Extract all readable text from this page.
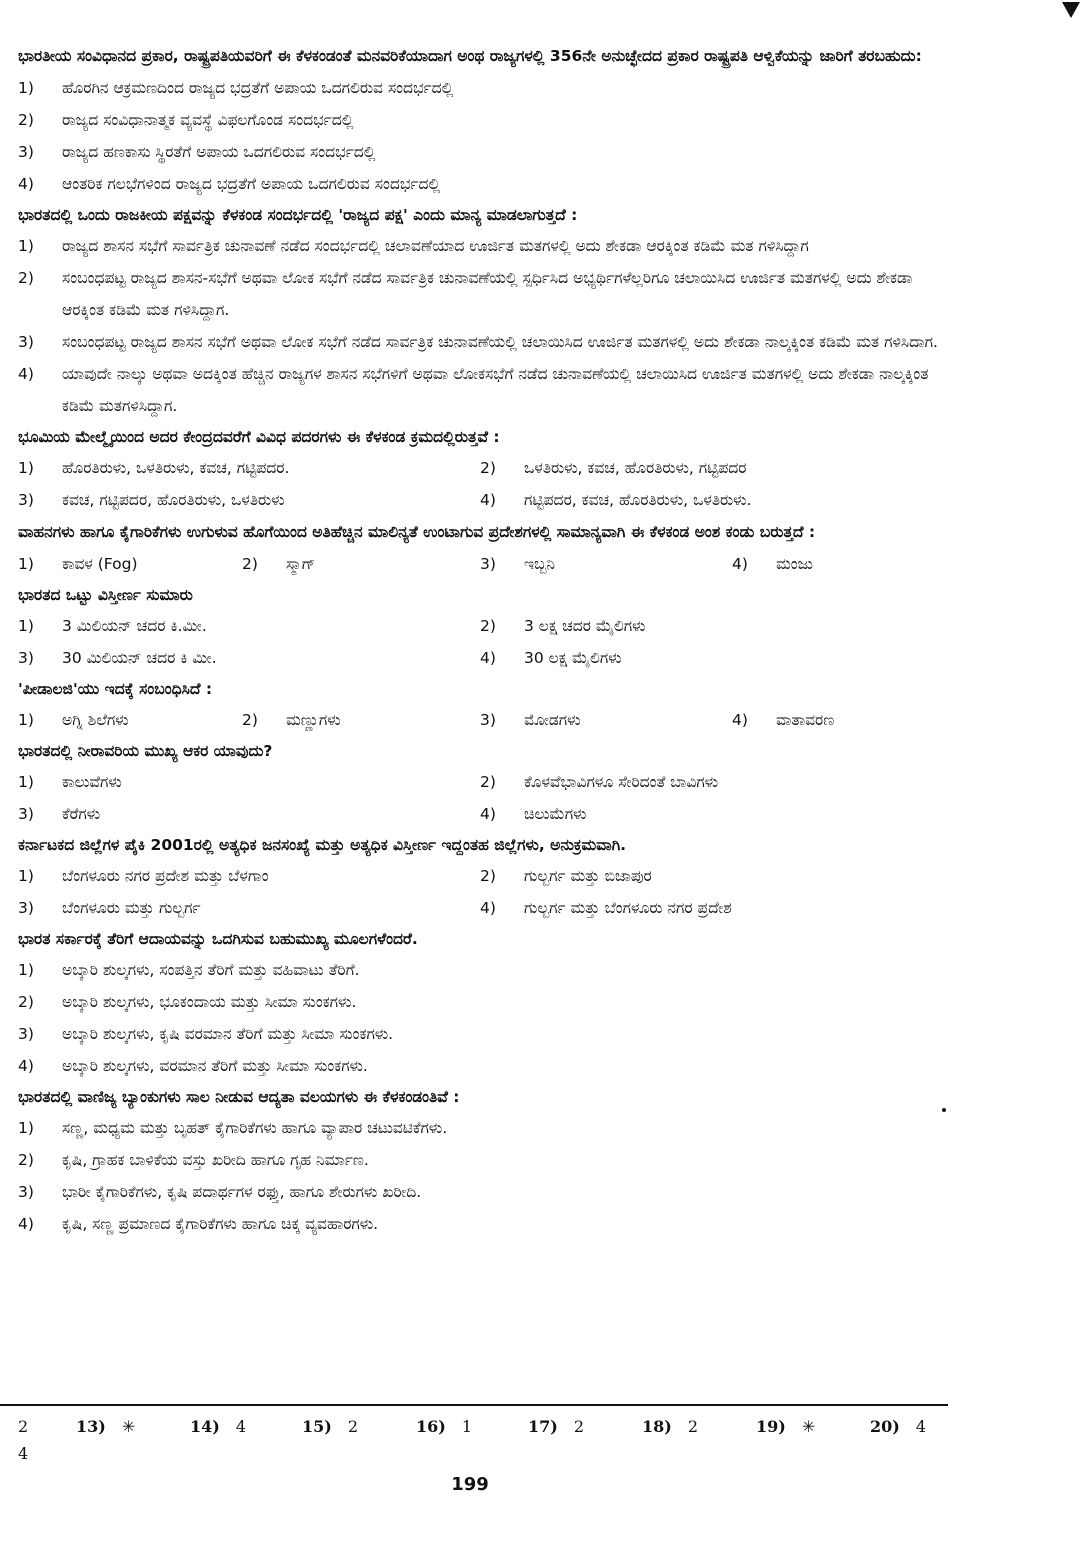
ಭಾರತೀಯ ಸಂವಿಧಾನದ ಪ್ರಕಾರ, ರಾಷ್ಟ್ರಪತಿಯವರಿಗೆ ಈ ಕೆಳಕಂಡಂತೆ ಮನವರಿಕೆಯಾದಾಗ ಅಂಥ ರಾಜ್ಯಗಳಲ್ಲಿ 356ನೇ ಅನುಚ್ಛೇದದ ಪ್ರಕಾರ ರಾಷ್ಟ್ರಪತಿ ಆಳ್ವಿಕೆಯನ್ನು ಜಾರಿಗೆ ತರಬಹುದು:
1)	ಹೊರಗಿನ ಆಕ್ರಮಣದಿಂದ ರಾಜ್ಯದ ಭದ್ರತೆಗೆ ಅಪಾಯ ಒದಗಲಿರುವ ಸಂದರ್ಭದಲ್ಲಿ
2)	ರಾಜ್ಯದ ಸಂವಿಧಾನಾತ್ಮಕ ವ್ಯವಸ್ಥೆ ವಿಫಲಗೊಂಡ ಸಂದರ್ಭದಲ್ಲಿ
3)	ರಾಜ್ಯದ ಹಣಕಾಸು ಸ್ಥಿರತೆಗೆ ಅಪಾಯ ಒದಗಲಿರುವ ಸಂದರ್ಭದಲ್ಲಿ
4)	ಆಂತರಿಕ ಗಲಭೆಗಳಿಂದ ರಾಜ್ಯದ ಭದ್ರತೆಗೆ ಅಪಾಯ ಒದಗಲಿರುವ ಸಂದರ್ಭದಲ್ಲಿ
ಭಾರತದಲ್ಲಿ ಒಂದು ರಾಜಕೀಯ ಪಕ್ಷವನ್ನು ಕೆಳಕಂಡ ಸಂದರ್ಭದಲ್ಲಿ 'ರಾಜ್ಯದ ಪಕ್ಷ' ಎಂದು ಮಾನ್ಯ ಮಾಡಲಾಗುತ್ತದೆ :
1)	ರಾಜ್ಯದ ಶಾಸನ ಸಭೆಗೆ ಸಾರ್ವತ್ರಿಕ ಚುನಾವಣೆ ನಡೆದ ಸಂದರ್ಭದಲ್ಲಿ ಚಲಾವಣೆಯಾದ ಊರ್ಜಿತ ಮತಗಳಲ್ಲಿ ಅದು ಶೇಕಡಾ ಆರಕ್ಕಿಂತ ಕಡಿಮೆ ಮತ ಗಳಿಸಿದ್ದಾಗ
2)	ಸಂಬಂಧಪಟ್ಟ ರಾಜ್ಯದ ಶಾಸನ-ಸಭೆಗೆ ಅಥವಾ ಲೋಕ ಸಭೆಗೆ ನಡೆದ ಸಾರ್ವತ್ರಿಕ ಚುನಾವಣೆಯಲ್ಲಿ ಸ್ಪರ್ಧಿಸಿದ ಅಭ್ಯರ್ಥಿಗಳೆಲ್ಲರಿಗೂ ಚಲಾಯಿಸಿದ ಊರ್ಜಿತ ಮತಗಳಲ್ಲಿ ಅದು ಶೇಕಡಾ ಆರಕ್ಕಿಂತ ಕಡಿಮೆ ಮತ ಗಳಿಸಿದ್ದಾಗ.
3)	ಸಂಬಂಧಪಟ್ಟ ರಾಜ್ಯದ ಶಾಸನ ಸಭೆಗೆ ಅಥವಾ ಲೋಕ ಸಭೆಗೆ ನಡೆದ ಸಾರ್ವತ್ರಿಕ ಚುನಾವಣೆಯಲ್ಲಿ ಚಲಾಯಿಸಿದ ಊರ್ಜಿತ ಮತಗಳಲ್ಲಿ ಅದು ಶೇಕಡಾ ನಾಲ್ಕಕ್ಕಿಂತ ಕಡಿಮೆ ಮತ ಗಳಿಸಿದಾಗ.
4)	ಯಾವುದೇ ನಾಲ್ಕು ಅಥವಾ ಅದಕ್ಕಿಂತ ಹೆಚ್ಚಿನ ರಾಜ್ಯಗಳ ಶಾಸನ ಸಭೆಗಳಿಗೆ ಅಥವಾ ಲೋಕಸಭೆಗೆ ನಡೆದ ಚುನಾವಣೆಯಲ್ಲಿ ಚಲಾಯಿಸಿದ ಊರ್ಜಿತ ಮತಗಳಲ್ಲಿ ಅದು ಶೇಕಡಾ ನಾಲ್ಕಕ್ಕಿಂತ ಕಡಿಮೆ ಮತಗಳಿಸಿದ್ದಾಗ.
ಭೂಮಿಯ ಮೇಲ್ಮೈಯಿಂದ ಅದರ ಕೇಂದ್ರದವರೆಗೆ ವಿವಿಧ ಪದರಗಳು ಈ ಕೆಳಕಂಡ ಕ್ರಮದಲ್ಲಿರುತ್ತವೆ :
1)	ಹೊರತಿರುಳು, ಒಳತಿರುಳು, ಕವಚ, ಗಟ್ಟಿಪದರ.	2)	ಒಳತಿರುಳು, ಕವಚ, ಹೊರತಿರುಳು, ಗಟ್ಟಿಪದರ
3)	ಕವಚ, ಗಟ್ಟಿಪದರ, ಹೊರತಿರುಳು, ಒಳತಿರುಳು	4)	ಗಟ್ಟಿಪದರ, ಕವಚ, ಹೊರತಿರುಳು, ಒಳತಿರುಳು.
ವಾಹನಗಳು ಹಾಗೂ ಕೈಗಾರಿಕೆಗಳು ಉಗುಳುವ ಹೊಗೆಯಿಂದ ಅತಿಹೆಚ್ಚಿನ ಮಾಲಿನ್ಯತೆ ಉಂಟಾಗುವ ಪ್ರದೇಶಗಳಲ್ಲಿ ಸಾಮಾನ್ಯವಾಗಿ ಈ ಕೆಳಕಂಡ ಅಂಶ ಕಂಡು ಬರುತ್ತದೆ :
1)	ಕಾವಳ (Fog)	2)	ಸ್ಮಾಗ್	3)	ಇಬ್ಬನಿ	4)	ಮಂಜು
ಭಾರತದ ಒಟ್ಟು ವಿಸ್ತೀರ್ಣ ಸುಮಾರು
1)	3 ಮಿಲಿಯನ್ ಚದರ ಕಿ.ಮೀ.	2)	3 ಲಕ್ಷ ಚದರ ಮೈಲಿಗಳು
3)	30 ಮಿಲಿಯನ್ ಚದರ ಕಿ ಮೀ.	4)	30 ಲಕ್ಷ ಮೈಲಿಗಳು
'ಪೀಡಾಲಜಿ'ಯು ಇದಕ್ಕೆ ಸಂಬಂಧಿಸಿದೆ :
1)	ಅಗ್ನಿ ಶಿಲೆಗಳು	2)	ಮಣ್ಣುಗಳು	3)	ಮೋಡಗಳು	4)	ವಾತಾವರಣ
ಭಾರತದಲ್ಲಿ ನೀರಾವರಿಯ ಮುಖ್ಯ ಆಕರ ಯಾವುದು?
1)	ಕಾಲುವೆಗಳು	2)	ಕೊಳವೆಭಾವಿಗಳೂ ಸೇರಿದಂತೆ ಬಾವಿಗಳು
3)	ಕೆರೆಗಳು	4)	ಚಿಲುಮೆಗಳು
ಕರ್ನಾಟಕದ ಜಿಲ್ಲೆಗಳ ಪೈಕಿ 2001ರಲ್ಲಿ ಅತ್ಯಧಿಕ ಜನಸಂಖ್ಯೆ ಮತ್ತು ಅತ್ಯಧಿಕ ವಿಸ್ತೀರ್ಣ ಇದ್ದಂತಹ ಜಿಲ್ಲೆಗಳು, ಅನುಕ್ರಮವಾಗಿ.
1)	ಬೆಂಗಳೂರು ನಗರ ಪ್ರದೇಶ ಮತ್ತು ಬೆಳಗಾಂ	2)	ಗುಲ್ಬರ್ಗ ಮತ್ತು ಬಿಜಾಪುರ
3)	ಬೆಂಗಳೂರು ಮತ್ತು ಗುಲ್ಬರ್ಗ	4)	ಗುಲ್ಬರ್ಗ ಮತ್ತು ಬೆಂಗಳೂರು ನಗರ ಪ್ರದೇಶ
ಭಾರತ ಸರ್ಕಾರಕ್ಕೆ ತೆರಿಗೆ ಆದಾಯವನ್ನು ಒದಗಿಸುವ ಬಹುಮುಖ್ಯ ಮೂಲಗಳೆಂದರೆ.
1)	ಅಬ್ಕಾರಿ ಶುಲ್ಕಗಳು, ಸಂಪತ್ತಿನ ತೆರಿಗೆ ಮತ್ತು ವಹಿವಾಟು ತೆರಿಗೆ.
2)	ಅಬ್ಕಾರಿ ಶುಲ್ಕಗಳು, ಭೂಕಂದಾಯ ಮತ್ತು ಸೀಮಾ ಸುಂಕಗಳು.
3)	ಅಬ್ಕಾರಿ ಶುಲ್ಕಗಳು, ಕೃಷಿ ವರಮಾನ ತೆರಿಗೆ ಮತ್ತು ಸೀಮಾ ಸುಂಕಗಳು.
4)	ಅಬ್ಕಾರಿ ಶುಲ್ಕಗಳು, ವರಮಾನ ತೆರಿಗೆ ಮತ್ತು ಸೀಮಾ ಸುಂಕಗಳು.
ಭಾರತದಲ್ಲಿ ವಾಣಿಜ್ಯ ಬ್ಯಾಂಕುಗಳು ಸಾಲ ನೀಡುವ ಆದ್ಯತಾ ವಲಯಗಳು ಈ ಕೆಳಕಂಡಂತಿವೆ :
1)	ಸಣ್ಣ, ಮಧ್ಯಮ ಮತ್ತು ಬೃಹತ್ ಕೈಗಾರಿಕೆಗಳು ಹಾಗೂ ವ್ಯಾಪಾರ ಚಟುವಟಿಕೆಗಳು.
2)	ಕೃಷಿ, ಗ್ರಾಹಕ ಬಾಳಿಕೆಯ ವಸ್ತು ಖರೀದಿ ಹಾಗೂ ಗೃಹ ನಿರ್ಮಾಣ.
3)	ಭಾರೀ ಕೈಗಾರಿಕೆಗಳು, ಕೃಷಿ ಪದಾರ್ಥಗಳ ರಫ್ತು, ಹಾಗೂ ಶೇರುಗಳು ಖರೀದಿ.
4)	ಕೃಷಿ, ಸಣ್ಣ ಪ್ರಮಾಣದ ಕೈಗಾರಿಕೆಗಳು ಹಾಗೂ ಚಿಕ್ಕ ವ್ಯವಹಾರಗಳು.
2	13) ✳	14) 4	15) 2	16) 1	17) 2	18) 2	19) ✳	20) 4
4
199
